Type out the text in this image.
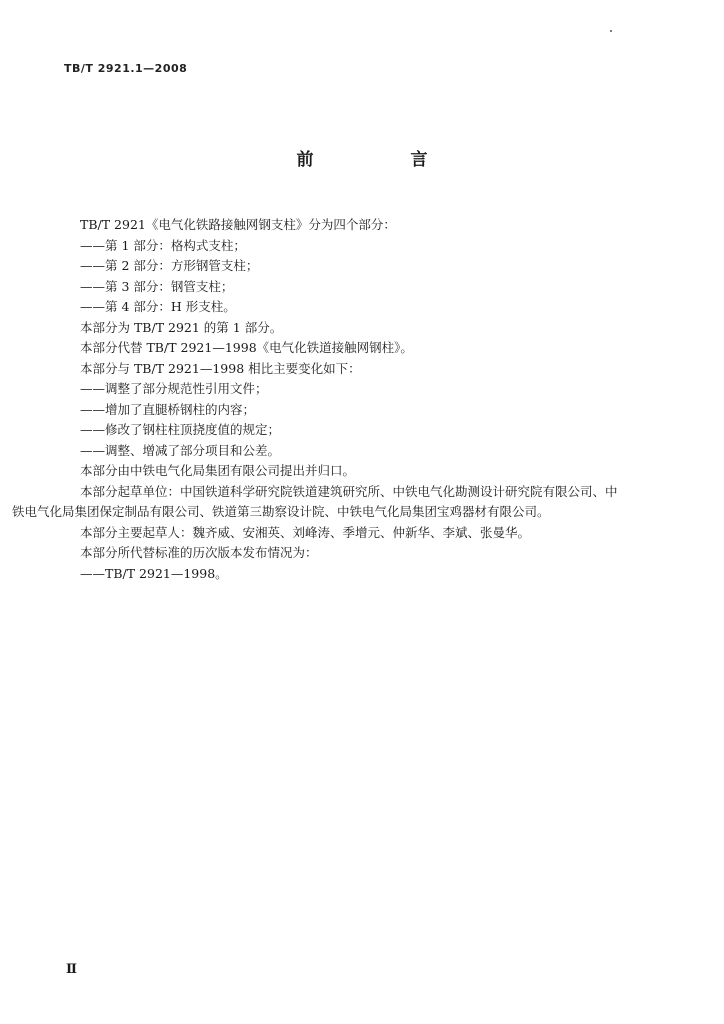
TB/T 2921.1—2008
前　言
TB/T 2921《电气化铁路接触网钢支柱》分为四个部分：
——第 1 部分：格构式支柱；
——第 2 部分：方形钢管支柱；
——第 3 部分：钢管支柱；
——第 4 部分：H 形支柱。
本部分为 TB/T 2921 的第 1 部分。
本部分代替 TB/T 2921—1998《电气化铁道接触网钢柱》。
本部分与 TB/T 2921—1998 相比主要变化如下：
——调整了部分规范性引用文件；
——增加了直腿桥钢柱的内容；
——修改了钢柱柱顶挠度值的规定；
——调整、增减了部分项目和公差。
本部分由中铁电气化局集团有限公司提出并归口。
本部分起草单位：中国铁道科学研究院铁道建筑研究所、中铁电气化勘测设计研究院有限公司、中
铁电气化局集团保定制品有限公司、铁道第三勘察设计院、中铁电气化局集团宝鸡器材有限公司。
本部分主要起草人：魏齐威、安湘英、刘峰涛、季增元、仲新华、李斌、张曼华。
本部分所代替标准的历次版本发布情况为：
——TB/T 2921—1998。
Ⅱ
